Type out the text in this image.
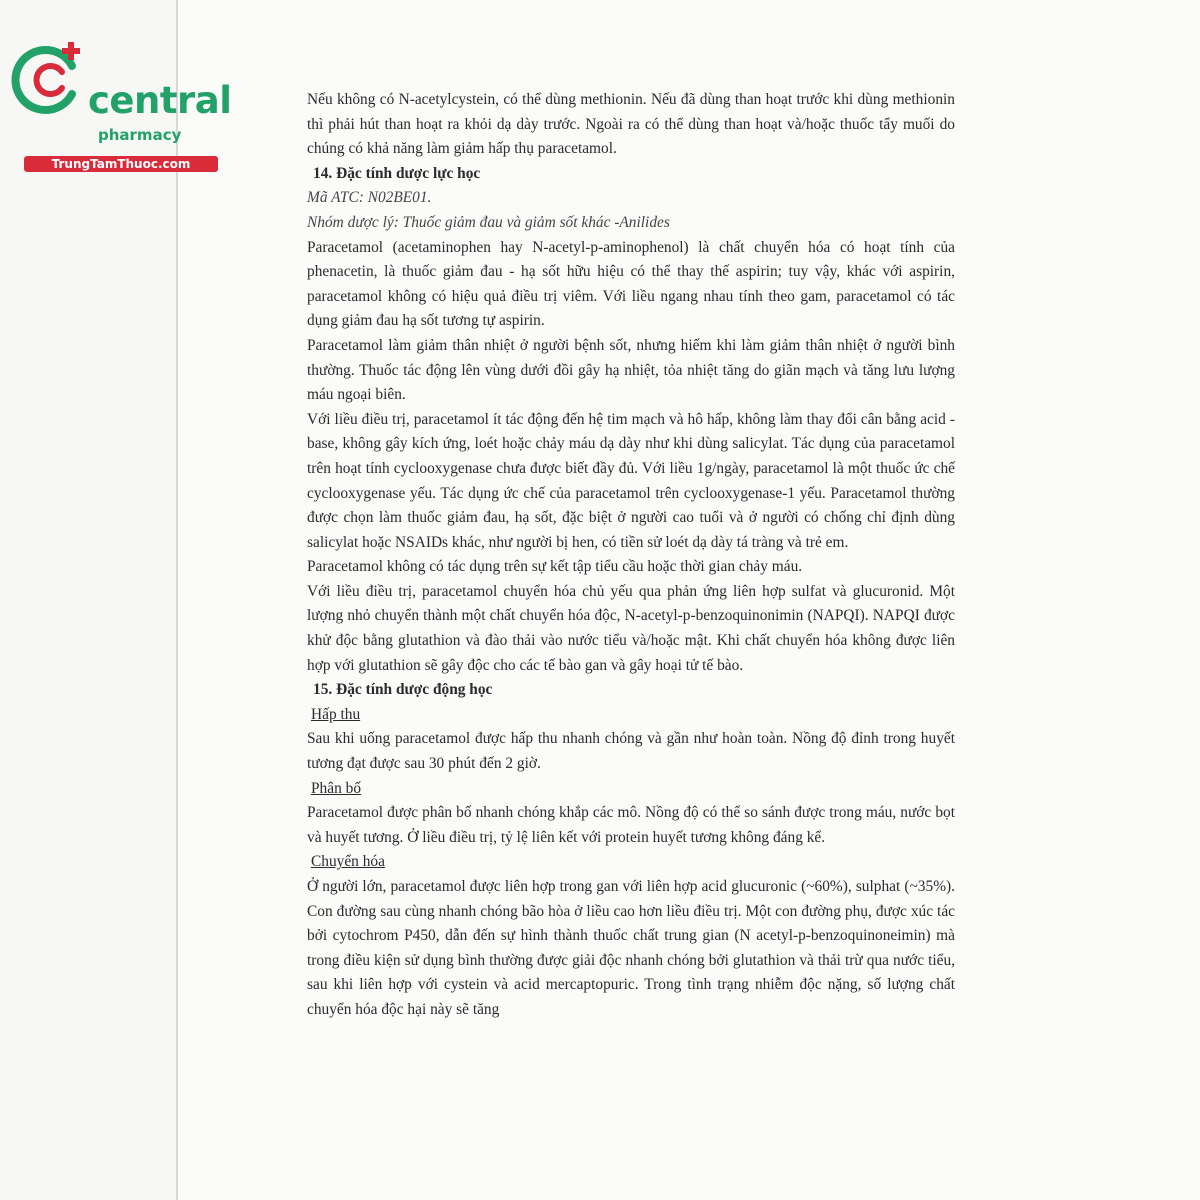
central
pharmacy
TrungTamThuoc.com

Nếu không có N-acetylcystein, có thể dùng methionin. Nếu đã dùng than hoạt trước khi dùng methionin thì phải hút than hoạt ra khỏi dạ dày trước. Ngoài ra có thể dùng than hoạt và/hoặc thuốc tẩy muối do chúng có khả năng làm giảm hấp thụ paracetamol.

14. Đặc tính dược lực học

Mã ATC: N02BE01.

Nhóm dược lý: Thuốc giảm đau và giảm sốt khác -Anilides

Paracetamol (acetaminophen hay N-acetyl-p-aminophenol) là chất chuyển hóa có hoạt tính của phenacetin, là thuốc giảm đau - hạ sốt hữu hiệu có thể thay thế aspirin; tuy vậy, khác với aspirin, paracetamol không có hiệu quả điều trị viêm. Với liều ngang nhau tính theo gam, paracetamol có tác dụng giảm đau hạ sốt tương tự aspirin.

Paracetamol làm giảm thân nhiệt ở người bệnh sốt, nhưng hiếm khi làm giảm thân nhiệt ở người bình thường. Thuốc tác động lên vùng dưới đồi gây hạ nhiệt, tỏa nhiệt tăng do giãn mạch và tăng lưu lượng máu ngoại biên.

Với liều điều trị, paracetamol ít tác động đến hệ tim mạch và hô hấp, không làm thay đổi cân bằng acid - base, không gây kích ứng, loét hoặc chảy máu dạ dày như khi dùng salicylat. Tác dụng của paracetamol trên hoạt tính cyclooxygenase chưa được biết đầy đủ. Với liều 1g/ngày, paracetamol là một thuốc ức chế cyclooxygenase yếu. Tác dụng ức chế của paracetamol trên cyclooxygenase-1 yếu. Paracetamol thường được chọn làm thuốc giảm đau, hạ sốt, đặc biệt ở người cao tuổi và ở người có chống chỉ định dùng salicylat hoặc NSAIDs khác, như người bị hen, có tiền sử loét dạ dày tá tràng và trẻ em.

Paracetamol không có tác dụng trên sự kết tập tiểu cầu hoặc thời gian chảy máu.

Với liều điều trị, paracetamol chuyển hóa chủ yếu qua phản ứng liên hợp sulfat và glucuronid. Một lượng nhỏ chuyển thành một chất chuyển hóa độc, N-acetyl-p-benzoquinonimin (NAPQI). NAPQI được khử độc bằng glutathion và đào thải vào nước tiểu và/hoặc mật. Khi chất chuyển hóa không được liên hợp với glutathion sẽ gây độc cho các tế bào gan và gây hoại tử tế bào.

15. Đặc tính dược động học

Hấp thu

Sau khi uống paracetamol được hấp thu nhanh chóng và gần như hoàn toàn. Nồng độ đỉnh trong huyết tương đạt được sau 30 phút đến 2 giờ.

Phân bố

Paracetamol được phân bố nhanh chóng khắp các mô. Nồng độ có thể so sánh được trong máu, nước bọt và huyết tương. Ở liều điều trị, tỷ lệ liên kết với protein huyết tương không đáng kể.

Chuyển hóa

Ở người lớn, paracetamol được liên hợp trong gan với liên hợp acid glucuronic (~60%), sulphat (~35%). Con đường sau cùng nhanh chóng bão hòa ở liều cao hơn liều điều trị. Một con đường phụ, được xúc tác bởi cytochrom P450, dẫn đến sự hình thành thuốc chất trung gian (N acetyl-p-benzoquinoneimin) mà trong điều kiện sử dụng bình thường được giải độc nhanh chóng bởi glutathion và thải trừ qua nước tiểu, sau khi liên hợp với cystein và acid mercaptopuric. Trong tình trạng nhiễm độc nặng, số lượng chất chuyển hóa độc hại này sẽ tăng
